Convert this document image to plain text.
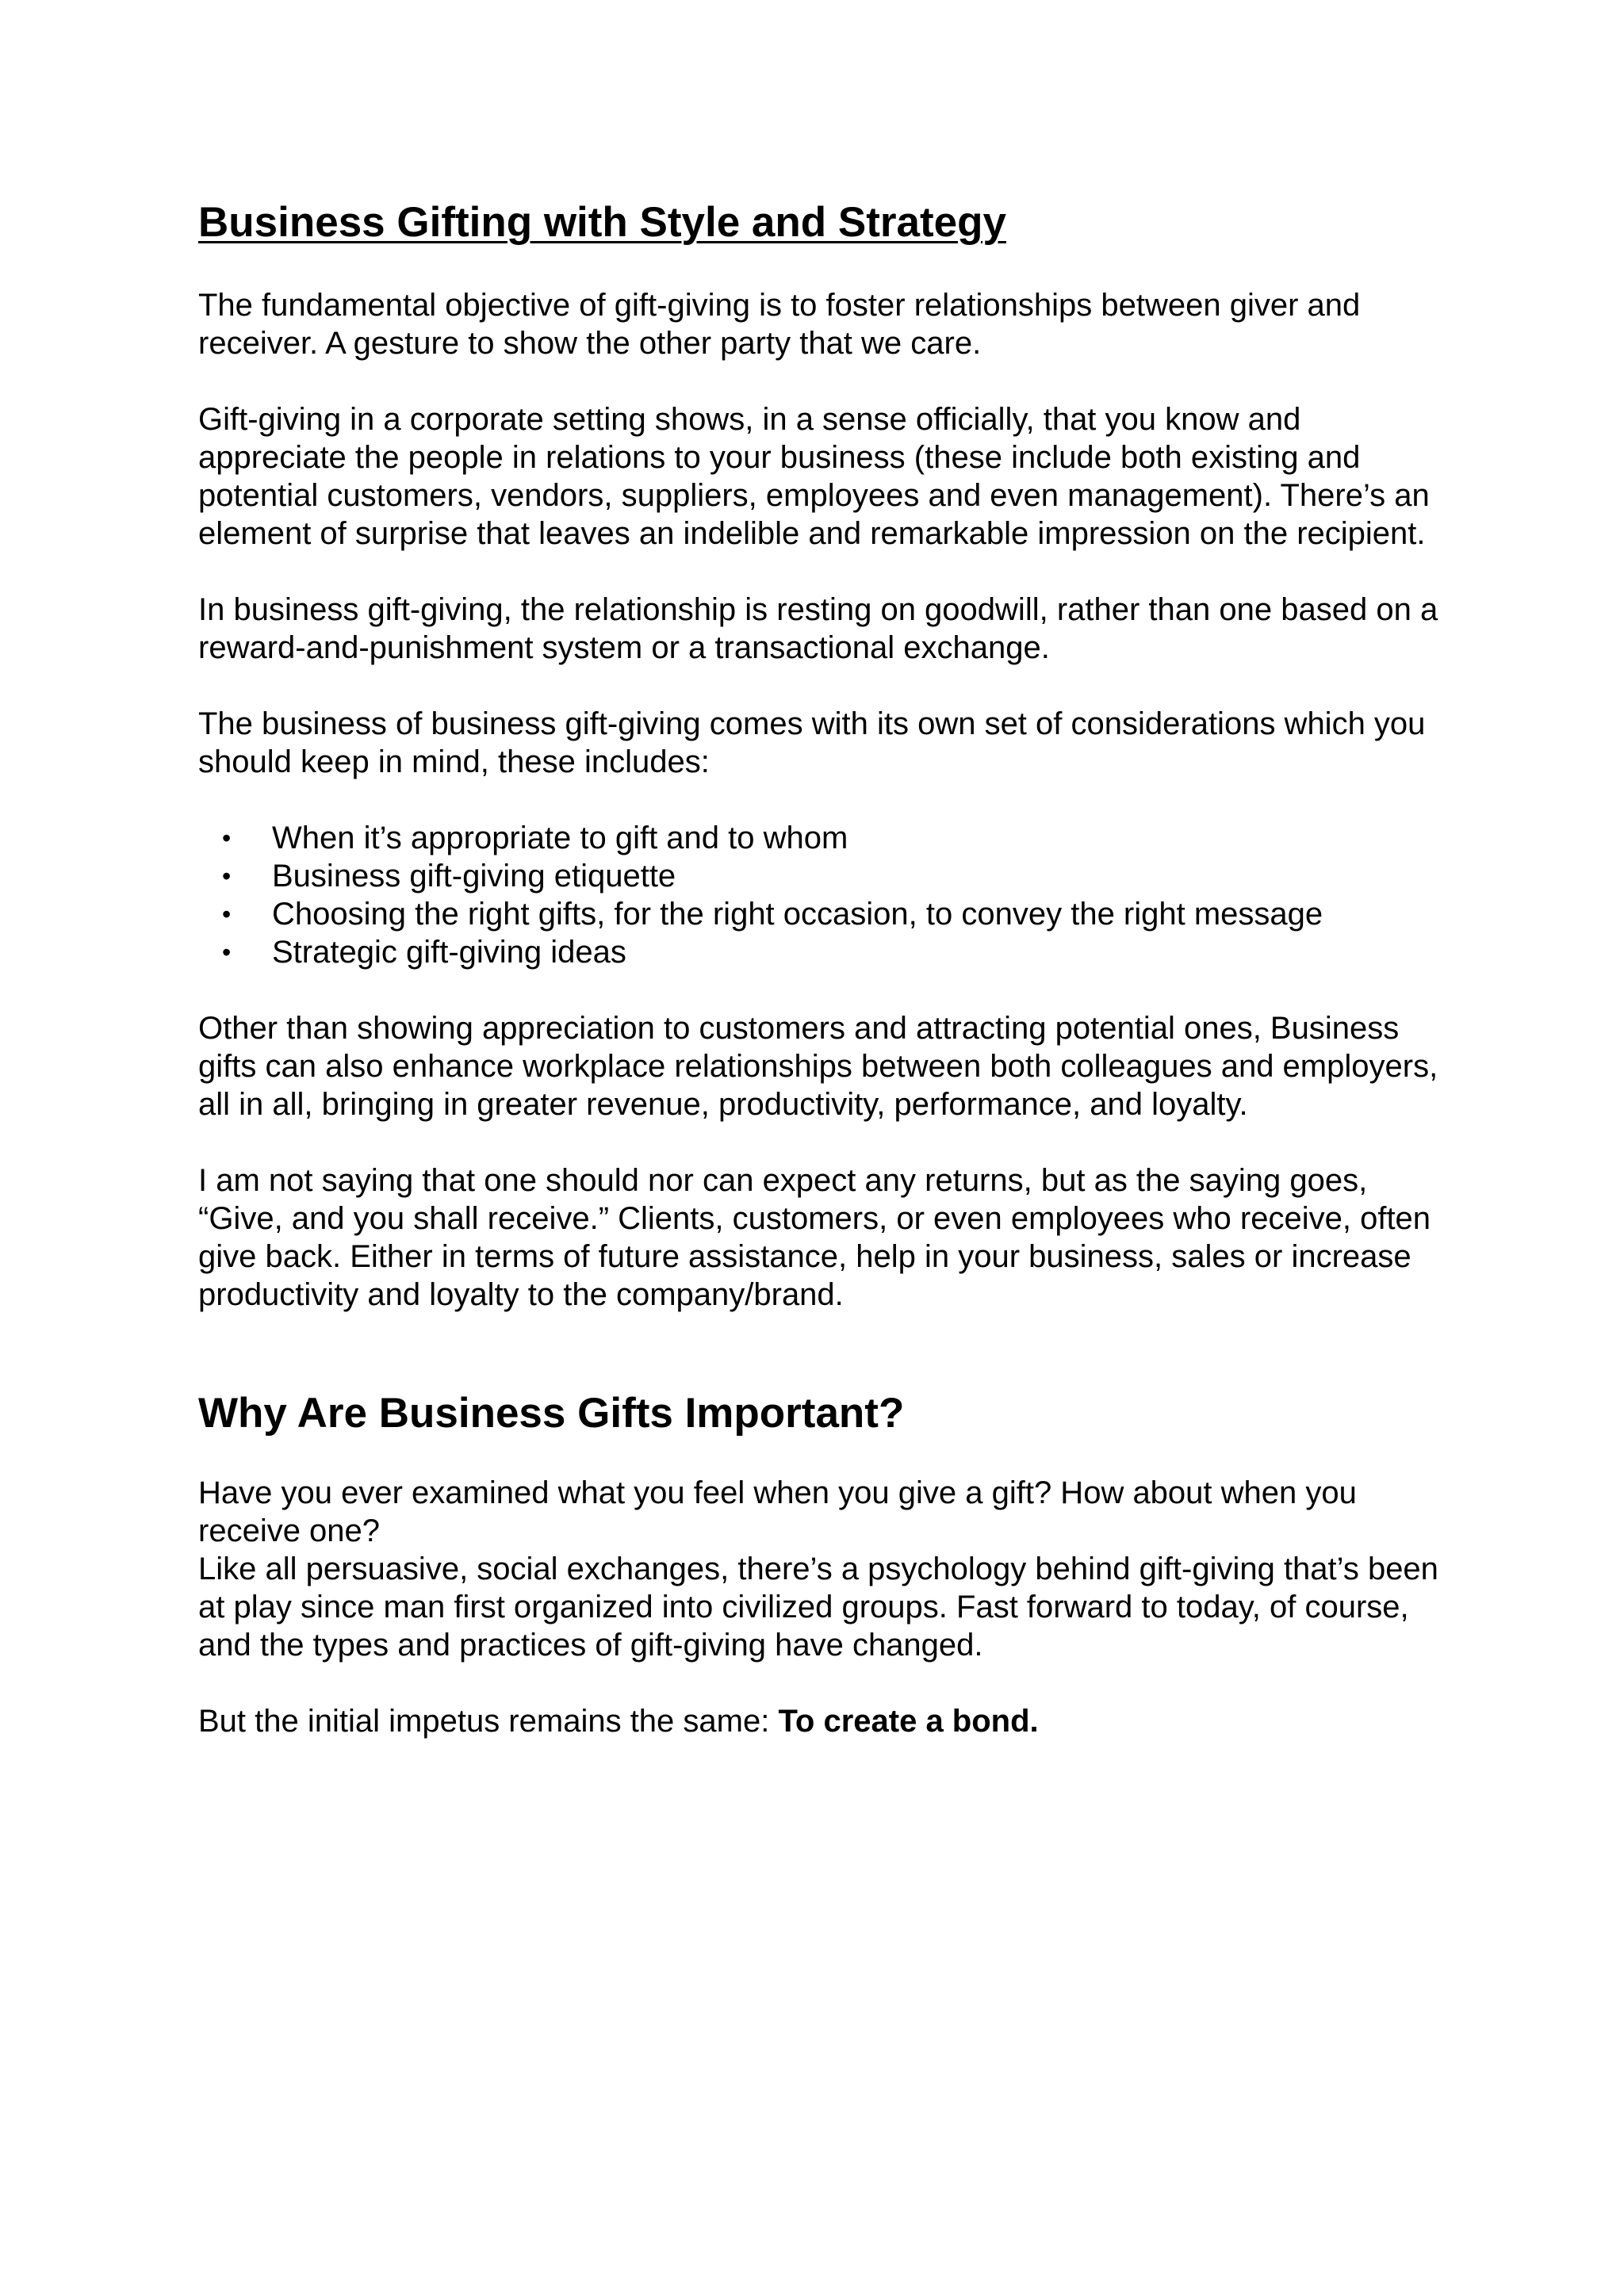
Business Gifting with Style and Strategy

The fundamental objective of gift-giving is to foster relationships between giver and receiver. A gesture to show the other party that we care.

Gift-giving in a corporate setting shows, in a sense officially, that you know and appreciate the people in relations to your business (these include both existing and potential customers, vendors, suppliers, employees and even management). There’s an element of surprise that leaves an indelible and remarkable impression on the recipient.

In business gift-giving, the relationship is resting on goodwill, rather than one based on a reward-and-punishment system or a transactional exchange.

The business of business gift-giving comes with its own set of considerations which you should keep in mind, these includes:

• When it’s appropriate to gift and to whom
• Business gift-giving etiquette
• Choosing the right gifts, for the right occasion, to convey the right message
• Strategic gift-giving ideas

Other than showing appreciation to customers and attracting potential ones, Business gifts can also enhance workplace relationships between both colleagues and employers, all in all, bringing in greater revenue, productivity, performance, and loyalty.

I am not saying that one should nor can expect any returns, but as the saying goes, “Give, and you shall receive.” Clients, customers, or even employees who receive, often give back. Either in terms of future assistance, help in your business, sales or increase productivity and loyalty to the company/brand.

Why Are Business Gifts Important?

Have you ever examined what you feel when you give a gift? How about when you receive one?

Like all persuasive, social exchanges, there’s a psychology behind gift-giving that’s been at play since man first organized into civilized groups. Fast forward to today, of course, and the types and practices of gift-giving have changed.

But the initial impetus remains the same: To create a bond.
